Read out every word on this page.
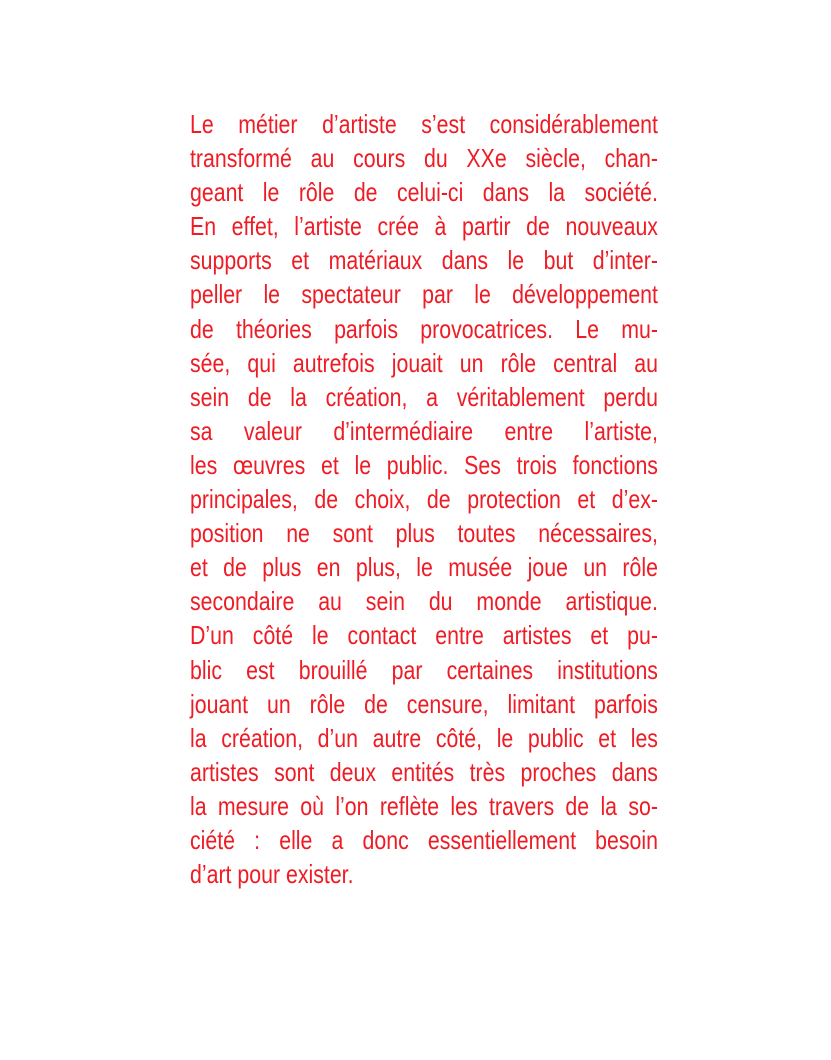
Le métier d’artiste s’est considérablement
transformé au cours du XXe siècle, chan-
geant le rôle de celui-ci dans la société.
En effet, l’artiste crée à partir de nouveaux
supports et matériaux dans le but d’inter-
peller le spectateur par le développement
de théories parfois provocatrices. Le mu-
sée, qui autrefois jouait un rôle central au
sein de la création, a véritablement perdu
sa valeur d’intermédiaire entre l’artiste,
les œuvres et le public. Ses trois fonctions
principales, de choix, de protection et d’ex-
position ne sont plus toutes nécessaires,
et de plus en plus, le musée joue un rôle
secondaire au sein du monde artistique.
D’un côté le contact entre artistes et pu-
blic est brouillé par certaines institutions
jouant un rôle de censure, limitant parfois
la création, d’un autre côté, le public et les
artistes sont deux entités très proches dans
la mesure où l’on reflète les travers de la so-
ciété : elle a donc essentiellement besoin
d’art pour exister.
